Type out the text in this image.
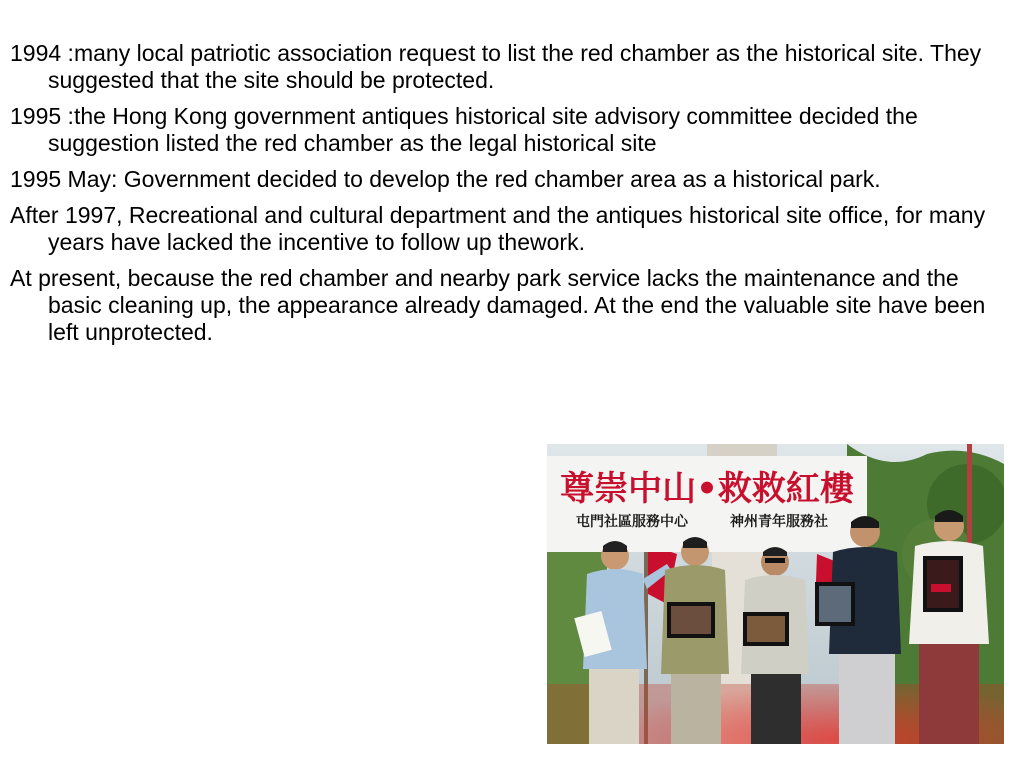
1994 :many local patriotic association request to list the red chamber as the historical site. They suggested that the site should be protected.

1995 :the Hong Kong government antiques historical site advisory committee decided the suggestion listed the red chamber as the legal historical site

1995 May: Government decided to develop the red chamber area as a historical park.

After 1997, Recreational and cultural department and the antiques historical site office, for many years have lacked the incentive to follow up thework.

At present, because the red chamber and nearby park service lacks the maintenance and the basic cleaning up, the appearance already damaged. At the end the valuable site have been left unprotected.

尊崇中山•救救紅樓
屯門社區服務中心	神州青年服務社
